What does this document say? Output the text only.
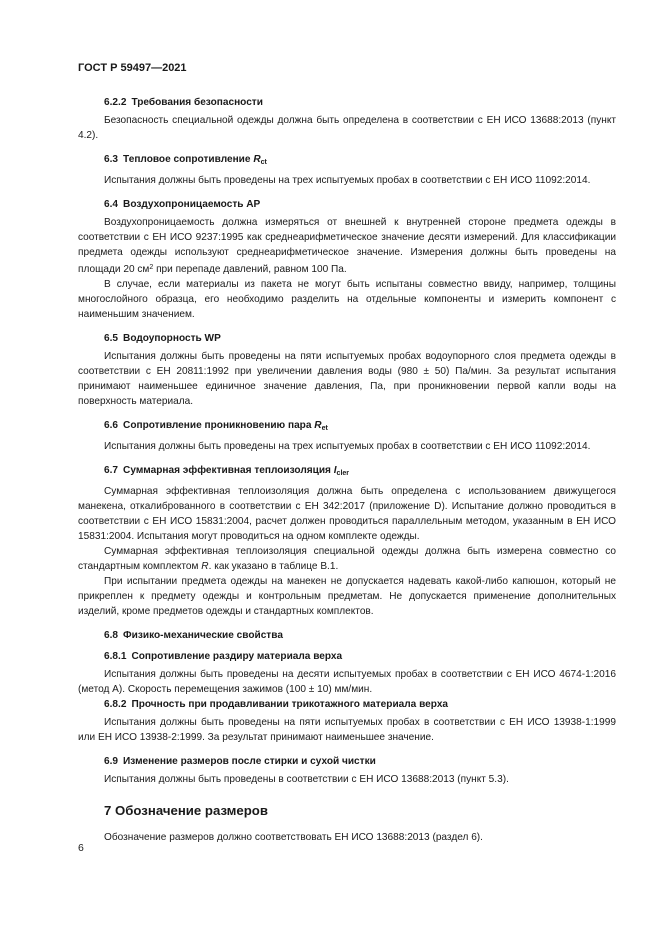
ГОСТ Р 59497—2021
6.2.2 Требования безопасности

Безопасность специальной одежды должна быть определена в соответствии с ЕН ИСО 13688:2013 (пункт 4.2).

6.3 Тепловое сопротивление $R_{ct}$

Испытания должны быть проведены на трех испытуемых пробах в соответствии с ЕН ИСО 11092:2014.

6.4 Воздухопроницаемость АР

Воздухопроницаемость должна измеряться от внешней к внутренней стороне предмета одежды в соответствии с ЕН ИСО 9237:1995 как среднеарифметическое значение десяти измерений. Для классификации предмета одежды используют среднеарифметическое значение. Измерения должны быть проведены на площади 20 $см^2$ при перепаде давлений, равном 100 Па.

В случае, если материалы из пакета не могут быть испытаны совместно ввиду, например, толщины многослойного образца, его необходимо разделить на отдельные компоненты и измерить компонент с наименьшим значением.

6.5 Водоупорность WP

Испытания должны быть проведены на пяти испытуемых пробах водоупорного слоя предмета одежды в соответствии с ЕН 20811:1992 при увеличении давления воды (980 ± 50) Па/мин. За результат испытания принимают наименьшее единичное значение давления, Па, при проникновении первой капли воды на поверхность материала.

6.6 Сопротивление проникновению пара $R_{et}$

Испытания должны быть проведены на трех испытуемых пробах в соответствии с ЕН ИСО 11092:2014.

6.7 Суммарная эффективная теплоизоляция $I_{cler}$

Суммарная эффективная теплоизоляция должна быть определена с использованием движущегося манекена, откалиброванного в соответствии с ЕН 342:2017 (приложение D). Испытание должно проводиться в соответствии с ЕН ИСО 15831:2004, расчет должен проводиться параллельным методом, указанным в ЕН ИСО 15831:2004. Испытания могут проводиться на одном комплекте одежды.

Суммарная эффективная теплоизоляция специальной одежды должна быть измерена совместно со стандартным комплектом R. как указано в таблице В.1.

При испытании предмета одежды на манекен не допускается надевать какой-либо капюшон, который не прикреплен к предмету одежды и контрольным предметам. Не допускается применение дополнительных изделий, кроме предметов одежды и стандартных комплектов.

6.8 Физико-механические свойства
6.8.1 Сопротивление раздиру материала верха

Испытания должны быть проведены на десяти испытуемых пробах в соответствии с ЕН ИСО 4674-1:2016 (метод А). Скорость перемещения зажимов (100 ± 10) мм/мин.

6.8.2 Прочность при продавливании трикотажного материала верха

Испытания должны быть проведены на пяти испытуемых пробах в соответствии с ЕН ИСО 13938-1:1999 или ЕН ИСО 13938-2:1999. За результат принимают наименьшее значение.

6.9 Изменение размеров после стирки и сухой чистки

Испытания должны быть проведены в соответствии с ЕН ИСО 13688:2013 (пункт 5.3).

7 Обозначение размеров

Обозначение размеров должно соответствовать ЕН ИСО 13688:2013 (раздел 6).

6
